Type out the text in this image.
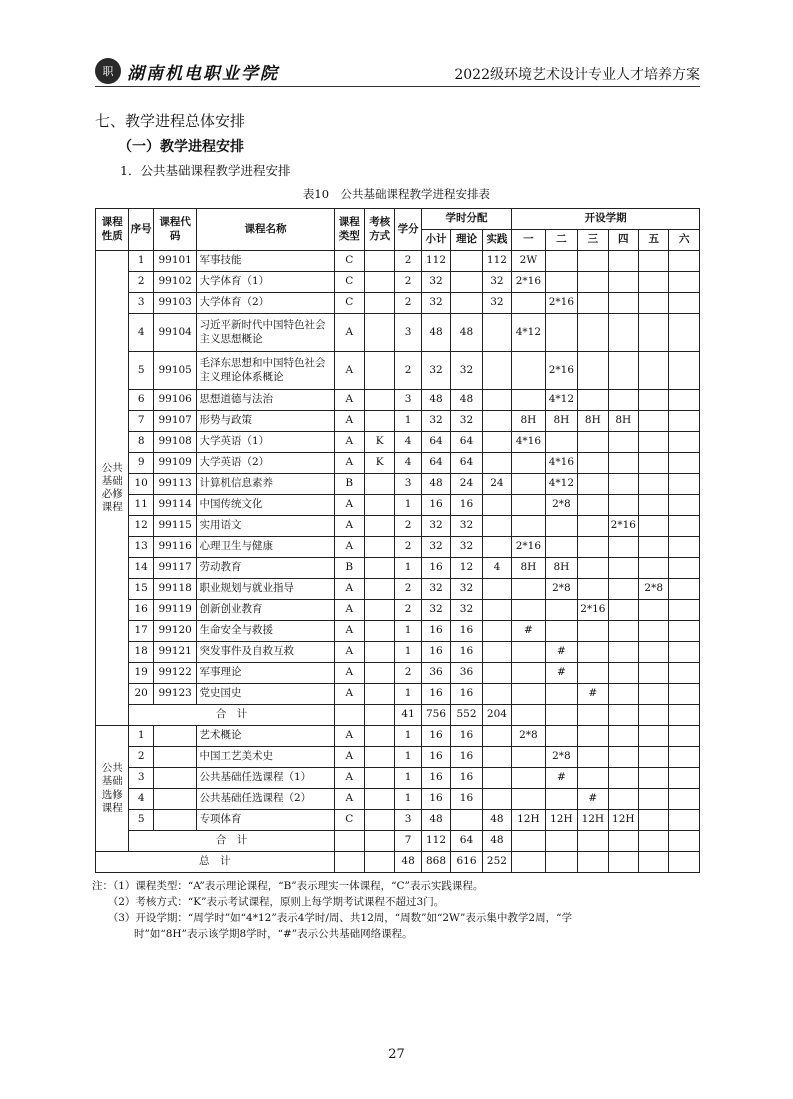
职 湖南机电职业学院	2022级环境艺术设计专业人才培养方案
七、教学进程总体安排
（一）教学进程安排
1．公共基础课程教学进程安排
表10　公共基础课程教学进程安排表
课程性质	序号	课程代码	课程名称	课程类型	考核方式	学分	学时分配			开设学期					
							小计	理论	实践	一	二	三	四	五	六
公共基础必修课程	1	99101	军事技能	C		2	112		112	2W					
	2	99102	大学体育（1）	C		2	32		32	2*16					
	3	99103	大学体育（2）	C		2	32		32		2*16				
	4	99104	习近平新时代中国特色社会主义思想概论	A		3	48	48		4*12					
	5	99105	毛泽东思想和中国特色社会主义理论体系概论	A		2	32	32			2*16				
	6	99106	思想道德与法治	A		3	48	48			4*12				
	7	99107	形势与政策	A		1	32	32		8H	8H	8H	8H		
	8	99108	大学英语（1）	A	K	4	64	64		4*16					
	9	99109	大学英语（2）	A	K	4	64	64			4*16				
	10	99113	计算机信息素养	B		3	48	24	24		4*12				
	11	99114	中国传统文化	A		1	16	16			2*8				
	12	99115	实用语文	A		2	32	32					2*16		
	13	99116	心理卫生与健康	A		2	32	32		2*16					
	14	99117	劳动教育	B		1	16	12	4	8H	8H				
	15	99118	职业规划与就业指导	A		2	32	32			2*8			2*8	
	16	99119	创新创业教育	A		2	32	32				2*16			
	17	99120	生命安全与救援	A		1	16	16		#					
	18	99121	突发事件及自救互救	A		1	16	16			#				
	19	99122	军事理论	A		2	36	36			#				
	20	99123	党史国史	A		1	16	16				#			
	合　计					41	756	552	204						
公共基础选修课程	1		艺术概论	A		1	16	16		2*8					
	2		中国工艺美术史	A		1	16	16			2*8				
	3		公共基础任选课程（1）	A		1	16	16			#				
	4		公共基础任选课程（2）	A		1	16	16				#			
	5		专项体育	C		3	48		48	12H	12H	12H	12H		
	合　计					7	112	64	48						
总　计						48	868	616	252						
注：（1）课程类型：“A”表示理论课程，“B”表示理实一体课程，“C”表示实践课程。
　　（2）考核方式：“K”表示考试课程，原则上每学期考试课程不超过3门。
　　（3）开设学期：“周学时”如“4*12”表示4学时/周、共12周，“周数”如“2W”表示集中教学2周，“学
　　　　时”如“8H”表示该学期8学时，“#”表示公共基础网络课程。
27
